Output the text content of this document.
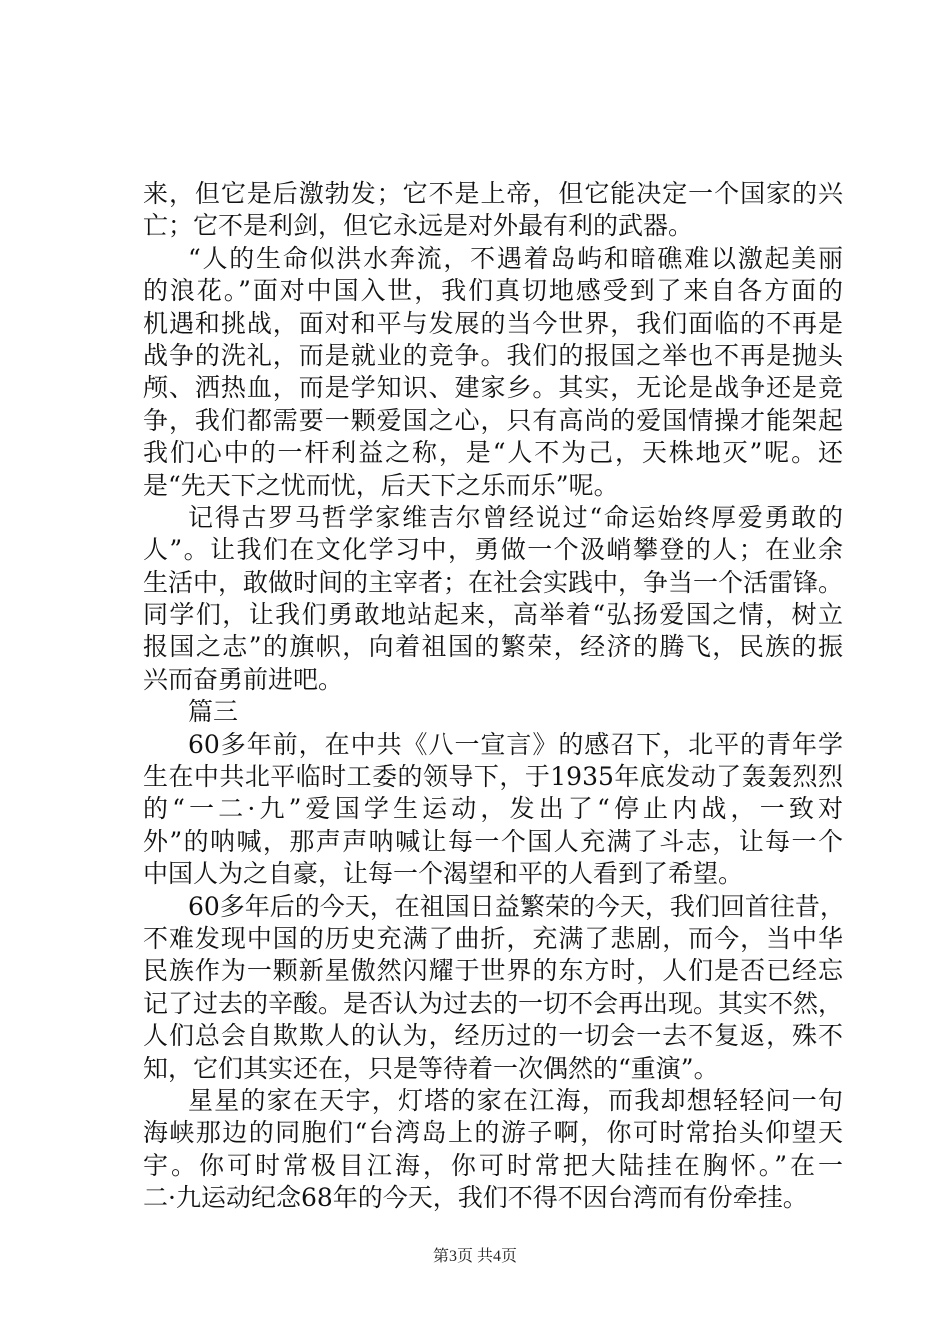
来，但它是后激勃发；它不是上帝，但它能决定一个国家的兴
亡；它不是利剑，但它永远是对外最有利的武器。
“人的生命似洪水奔流，不遇着岛屿和暗礁难以激起美丽
的浪花。”面对中国入世，我们真切地感受到了来自各方面的
机遇和挑战，面对和平与发展的当今世界，我们面临的不再是
战争的洗礼，而是就业的竞争。我们的报国之举也不再是抛头
颅、洒热血，而是学知识、建家乡。其实，无论是战争还是竞
争，我们都需要一颗爱国之心，只有高尚的爱国情操才能架起
我们心中的一杆利益之称，是“人不为己，天株地灭”呢。还
是“先天下之忧而忧，后天下之乐而乐”呢。
记得古罗马哲学家维吉尔曾经说过“命运始终厚爱勇敢的
人”。让我们在文化学习中，勇做一个汲峭攀登的人；在业余
生活中，敢做时间的主宰者；在社会实践中，争当一个活雷锋。
同学们，让我们勇敢地站起来，高举着“弘扬爱国之情，树立
报国之志”的旗帜，向着祖国的繁荣，经济的腾飞，民族的振
兴而奋勇前进吧。
篇三
60多年前，在中共《八一宣言》的感召下，北平的青年学
生在中共北平临时工委的领导下，于1935年底发动了轰轰烈烈
的“一二·九”爱国学生运动，发出了“停止内战，一致对
外”的呐喊，那声声呐喊让每一个国人充满了斗志，让每一个
中国人为之自豪，让每一个渴望和平的人看到了希望。
60多年后的今天，在祖国日益繁荣的今天，我们回首往昔，
不难发现中国的历史充满了曲折，充满了悲剧，而今，当中华
民族作为一颗新星傲然闪耀于世界的东方时，人们是否已经忘
记了过去的辛酸。是否认为过去的一切不会再出现。其实不然，
人们总会自欺欺人的认为，经历过的一切会一去不复返，殊不
知，它们其实还在，只是等待着一次偶然的“重演”。
星星的家在天宇，灯塔的家在江海，而我却想轻轻问一句
海峡那边的同胞们“台湾岛上的游子啊，你可时常抬头仰望天
宇。你可时常极目江海，你可时常把大陆挂在胸怀。”在一
二·九运动纪念68年的今天，我们不得不因台湾而有份牵挂。
第3页 共4页
